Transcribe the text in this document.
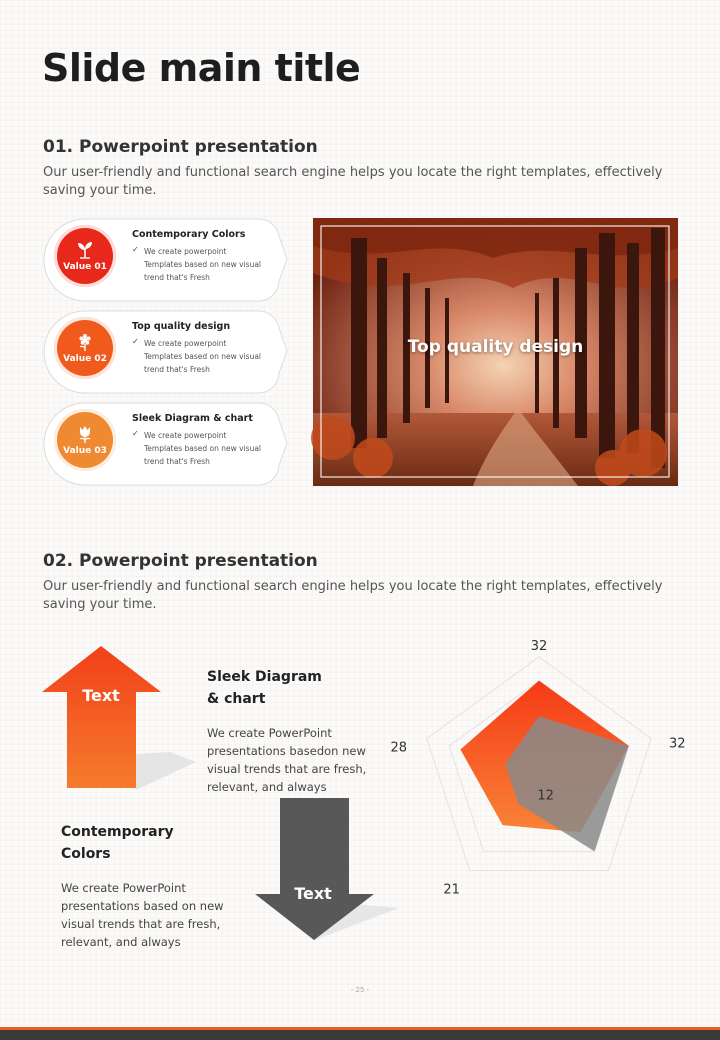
Slide main title
01. Powerpoint presentation

Our user-friendly and functional search engine helps you locate the right templates, effectively saving your time.

Value 01
Contemporary Colors
✓ We create powerpoint Templates based on new visual trend that's Fresh
Value 02
Top quality design
✓ We create powerpoint Templates based on new visual trend that's Fresh
Value 03
Sleek Diagram & chart
✓ We create powerpoint Templates based on new visual trend that's Fresh
Top quality design
02. Powerpoint presentation

Our user-friendly and functional search engine helps you locate the right templates, effectively saving your time.

Text

Sleek Diagram

& chart

We create PowerPoint

presentations basedon new

visual trends that are fresh,

relevant, and always

Contemporary

Colors

We create PowerPoint

presentations based on new

visual trends that are fresh,

relevant, and always

Text
32
32
12
21
28
- 25 -
